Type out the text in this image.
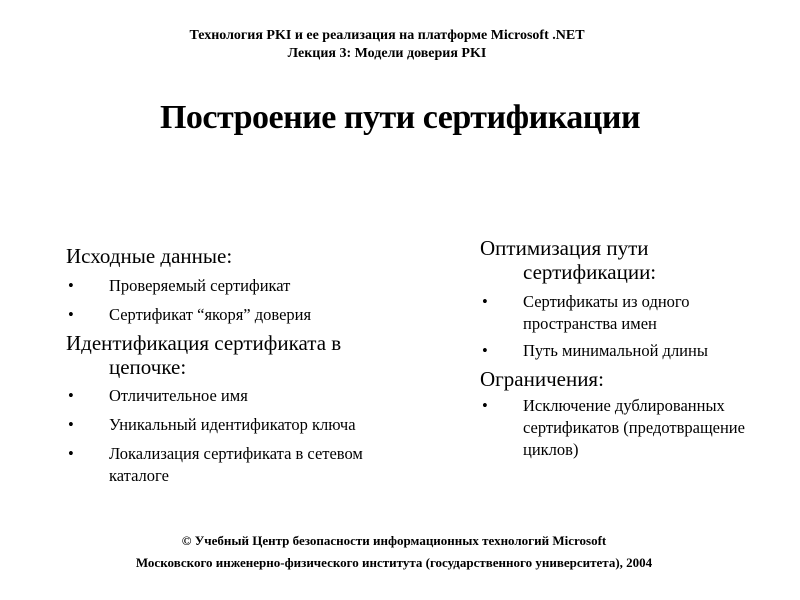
Технология PKI и ее реализация на платформе Microsoft .NET
Лекция 3: Модели доверия PKI
Построение пути сертификации

Исходные данные:

• Проверяемый сертификат
• Сертификат “якоря” доверия

Идентификация сертификата в цепочке:

• Отличительное имя
• Уникальный идентификатор ключа
• Локализация сертификата в сетевом каталоге

Оптимизация пути сертификации:

• Сертификаты из одного пространства имен
• Путь минимальной длины

Ограничения:

• Исключение дублированных сертификатов (предотвращение циклов)
© Учебный Центр безопасности информационных технологий Microsoft
Московского инженерно-физического института (государственного университета), 2004
